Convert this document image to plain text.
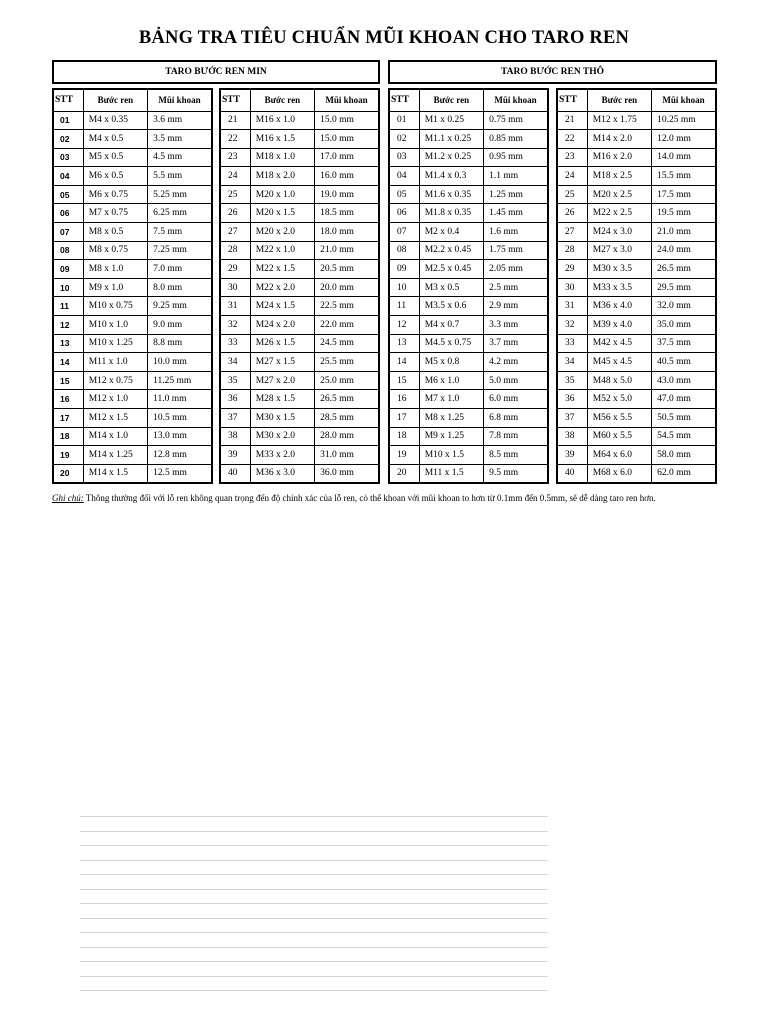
BẢNG TRA TIÊU CHUẨN MŨI KHOAN CHO TARO REN
TARO BƯỚC REN MIN	TARO BƯỚC REN THÔ
STT	Bước ren	Mũi khoan
01	M4 x 0.35	3.6 mm
02	M4 x 0.5	3.5 mm
03	M5 x 0.5	4.5 mm
04	M6 x 0.5	5.5 mm
05	M6 x 0.75	5.25 mm
06	M7 x 0.75	6.25 mm
07	M8 x 0.5	7.5 mm
08	M8 x 0.75	7.25 mm
09	M8 x 1.0	7.0 mm
10	M9 x 1.0	8.0 mm
11	M10 x 0.75	9.25 mm
12	M10 x 1.0	9.0 mm
13	M10 x 1.25	8.8 mm
14	M11 x 1.0	10.0 mm
15	M12 x 0.75	11.25 mm
16	M12 x 1.0	11.0 mm
17	M12 x 1.5	10.5 mm
18	M14 x 1.0	13.0 mm
19	M14 x 1.25	12.8 mm
20	M14 x 1.5	12.5 mm
STT	Bước ren	Mũi khoan
21	M16 x 1.0	15.0 mm
22	M16 x 1.5	15.0 mm
23	M18 x 1.0	17.0 mm
24	M18 x 2.0	16.0 mm
25	M20 x 1.0	19.0 mm
26	M20 x 1.5	18.5 mm
27	M20 x 2.0	18.0 mm
28	M22 x 1.0	21.0 mm
29	M22 x 1.5	20.5 mm
30	M22 x 2.0	20.0 mm
31	M24 x 1.5	22.5 mm
32	M24 x 2.0	22.0 mm
33	M26 x 1.5	24.5 mm
34	M27 x 1.5	25.5 mm
35	M27 x 2.0	25.0 mm
36	M28 x 1.5	26.5 mm
37	M30 x 1.5	28.5 mm
38	M30 x 2.0	28.0 mm
39	M33 x 2.0	31.0 mm
40	M36 x 3.0	36.0 mm
STT	Bước ren	Mũi khoan
01	M1 x 0.25	0.75 mm
02	M1.1 x 0.25	0.85 mm
03	M1.2 x 0.25	0.95 mm
04	M1.4 x 0.3	1.1 mm
05	M1.6 x 0.35	1.25 mm
06	M1.8 x 0.35	1.45 mm
07	M2 x 0.4	1.6 mm
08	M2.2 x 0.45	1.75 mm
09	M2.5 x 0.45	2.05 mm
10	M3 x 0.5	2.5 mm
11	M3.5 x 0.6	2.9 mm
12	M4 x 0.7	3.3 mm
13	M4.5 x 0.75	3.7 mm
14	M5 x 0.8	4.2 mm
15	M6 x 1.0	5.0 mm
16	M7 x 1.0	6.0 mm
17	M8 x 1.25	6.8 mm
18	M9 x 1.25	7.8 mm
19	M10 x 1.5	8.5 mm
20	M11 x 1.5	9.5 mm
STT	Bước ren	Mũi khoan
21	M12 x 1.75	10.25 mm
22	M14 x 2.0	12.0 mm
23	M16 x 2.0	14.0 mm
24	M18 x 2.5	15.5 mm
25	M20 x 2.5	17.5 mm
26	M22 x 2.5	19.5 mm
27	M24 x 3.0	21.0 mm
28	M27 x 3.0	24.0 mm
29	M30 x 3.5	26.5 mm
30	M33 x 3.5	29.5 mm
31	M36 x 4.0	32.0 mm
32	M39 x 4.0	35.0 mm
33	M42 x 4.5	37.5 mm
34	M45 x 4.5	40.5 mm
35	M48 x 5.0	43.0 mm
36	M52 x 5.0	47.0 mm
37	M56 x 5.5	50.5 mm
38	M60 x 5.5	54.5 mm
39	M64 x 6.0	58.0 mm
40	M68 x 6.0	62.0 mm
Ghi chú: Thông thường đối với lỗ ren không quan trọng đến độ chính xác của lỗ ren, có thể khoan với mũi khoan to hơn từ 0.1mm đến 0.5mm, sẽ dễ dàng taro ren hơn.
